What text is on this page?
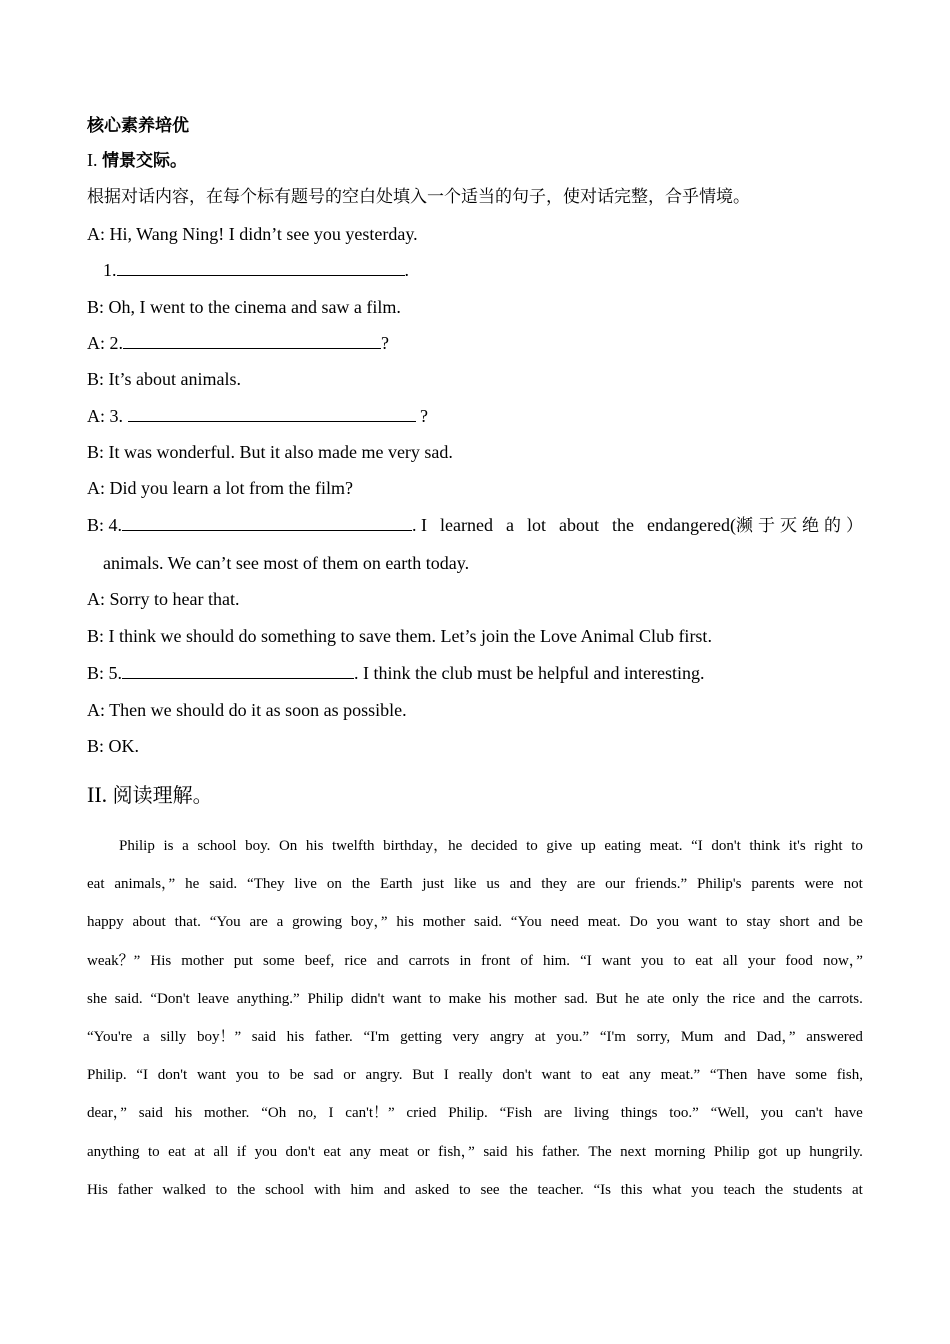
核心素养培优
I. 情景交际。
根据对话内容，在每个标有题号的空白处填入一个适当的句子，使对话完整，合乎情境。
A: Hi, Wang Ning! I didn’t see you yesterday.
1.	.
B: Oh, I went to the cinema and saw a film.
A: 2.	?
B: It’s about animals.
A: 3.	?
B: It was wonderful. But it also made me very sad.
A: Did you learn a lot from the film?
B: 4.	. I learned a lot about the endangered(濒于灭绝的）
animals. We can’t see most of them on earth today.
A: Sorry to hear that.
B: I think we should do something to save them. Let’s join the Love Animal Club first.
B: 5.	. I think the club must be helpful and interesting.
A: Then we should do it as soon as possible.
B: OK.
II. 阅读理解。
Philip is a school boy. On his twelfth birthday，he decided to give up eating meat. “I don't think it's right to
eat animals，” he said. “They live on the Earth just like us and they are our friends.” Philip's parents were not
happy about that. “You are a growing boy，” his mother said. “You need meat. Do you want to stay short and be
weak？” His mother put some beef, rice and carrots in front of him. “I want you to eat all your food now，”
she said. “Don't leave anything.” Philip didn't want to make his mother sad. But he ate only the rice and the carrots.
“You're a silly boy！” said his father. “I'm getting very angry at you.” “I'm sorry, Mum and Dad，” answered
Philip. “I don't want you to be sad or angry. But I really don't want to eat any meat.” “Then have some fish,
dear，” said his mother. “Oh no, I can't！” cried Philip. “Fish are living things too.” “Well, you can't have
anything to eat at all if you don't eat any meat or fish，” said his father. The next morning Philip got up hungrily.
His father walked to the school with him and asked to see the teacher. “Is this what you teach the students at
